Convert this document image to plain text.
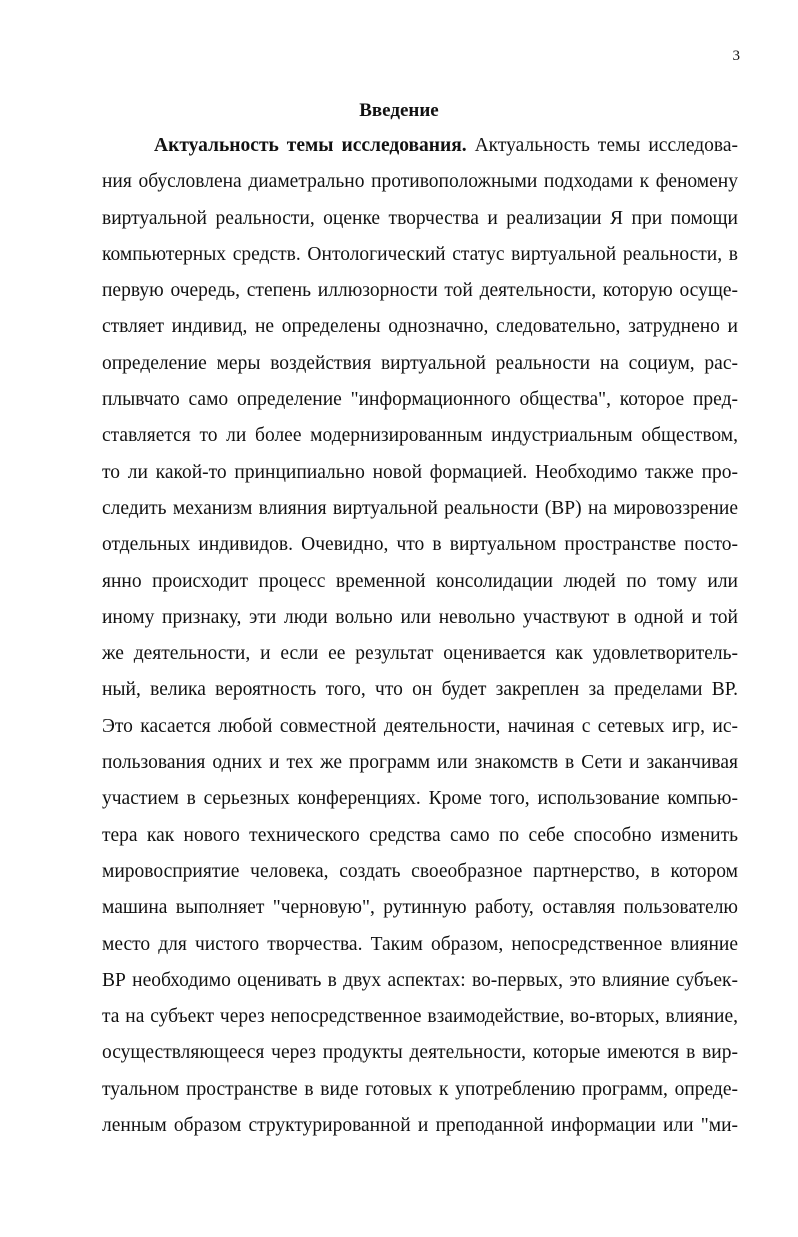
3
Введение
Актуальность темы исследования. Актуальность темы исследова-
ния обусловлена диаметрально противоположными подходами к феномену
виртуальной реальности, оценке творчества и реализации Я при помощи
компьютерных средств. Онтологический статус виртуальной реальности, в
первую очередь, степень иллюзорности той деятельности, которую осуще-
ствляет индивид, не определены однозначно, следовательно, затруднено и
определение меры воздействия виртуальной реальности на социум, рас-
плывчато само определение "информационного общества", которое пред-
ставляется то ли более модернизированным индустриальным обществом,
то ли какой-то принципиально новой формацией. Необходимо также про-
следить механизм влияния виртуальной реальности (ВР) на мировоззрение
отдельных индивидов. Очевидно, что в виртуальном пространстве посто-
янно происходит процесс временной консолидации людей по тому или
иному признаку, эти люди вольно или невольно участвуют в одной и той
же деятельности, и если ее результат оценивается как удовлетворитель-
ный, велика вероятность того, что он будет закреплен за пределами ВР.
Это касается любой совместной деятельности, начиная с сетевых игр, ис-
пользования одних и тех же программ или знакомств в Сети и заканчивая
участием в серьезных конференциях. Кроме того, использование компью-
тера как нового технического средства само по себе способно изменить
мировосприятие человека, создать своеобразное партнерство, в котором
машина выполняет "черновую", рутинную работу, оставляя пользователю
место для чистого творчества. Таким образом, непосредственное влияние
ВР необходимо оценивать в двух аспектах: во-первых, это влияние субъек-
та на субъект через непосредственное взаимодействие, во-вторых, влияние,
осуществляющееся через продукты деятельности, которые имеются в вир-
туальном пространстве в виде готовых к употреблению программ, опреде-
ленным образом структурированной и преподанной информации или "ми-
